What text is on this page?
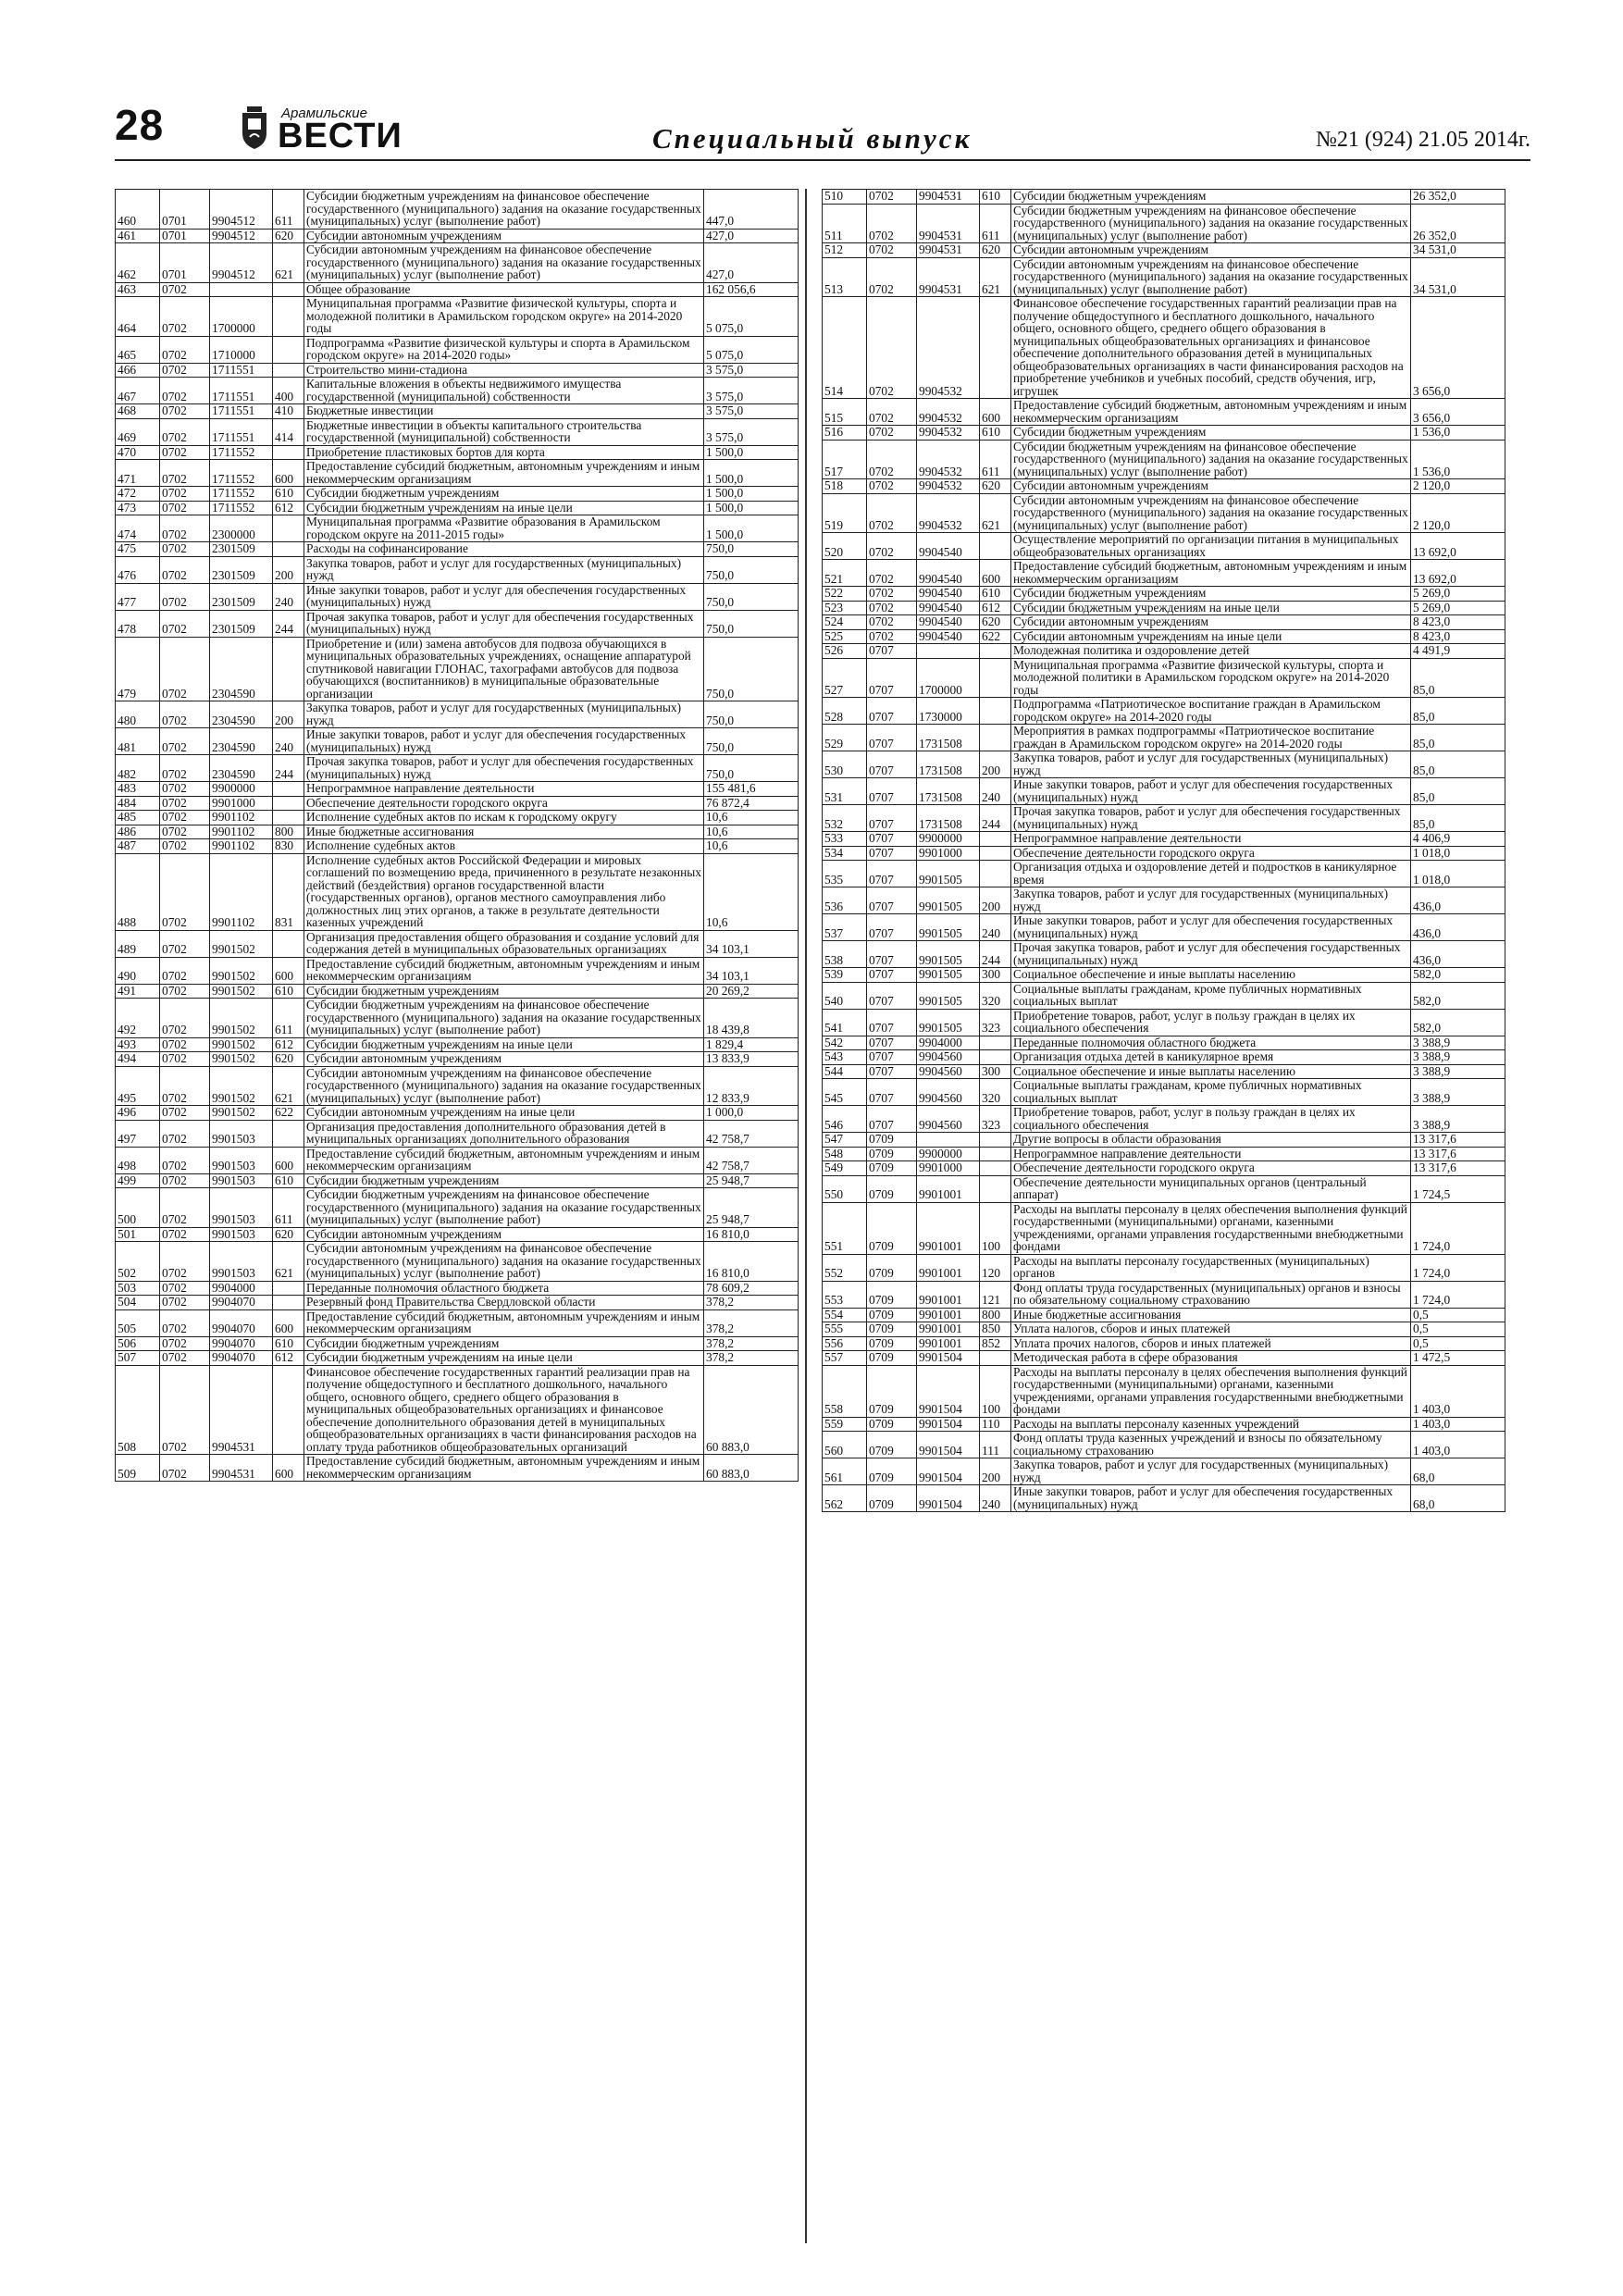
28	Арамильские
ВЕСТИ	Специальный выпуск	№21 (924) 21.05 2014г.
460	0701	9904512	611	Субсидии бюджетным учреждениям на финансовое обеспечение государственного (муниципального) задания на оказание государственных (муниципальных) услуг (выполнение работ)	447,0
461	0701	9904512	620	Субсидии автономным учреждениям	427,0
462	0701	9904512	621	Субсидии автономным учреждениям на финансовое обеспечение государственного (муниципального) задания на оказание государственных (муниципальных) услуг (выполнение работ)	427,0
463	0702			Общее образование	162 056,6
464	0702	1700000		Муниципальная программа «Развитие физической культуры, спорта и молодежной политики в Арамильском городском округе» на 2014-2020 годы	5 075,0
465	0702	1710000		Подпрограмма «Развитие физической культуры и спорта в Арамильском городском округе» на 2014-2020 годы»	5 075,0
466	0702	1711551		Строительство мини-стадиона	3 575,0
467	0702	1711551	400	Капитальные вложения в объекты недвижимого имущества государственной (муниципальной) собственности	3 575,0
468	0702	1711551	410	Бюджетные инвестиции	3 575,0
469	0702	1711551	414	Бюджетные инвестиции в объекты капитального строительства государственной (муниципальной) собственности	3 575,0
470	0702	1711552		Приобретение пластиковых бортов для корта	1 500,0
471	0702	1711552	600	Предоставление субсидий бюджетным, автономным учреждениям и иным некоммерческим организациям	1 500,0
472	0702	1711552	610	Субсидии бюджетным учреждениям	1 500,0
473	0702	1711552	612	Субсидии бюджетным учреждениям на иные цели	1 500,0
474	0702	2300000		Муниципальная программа «Развитие образования в Арамильском городском округе на 2011-2015 годы»	1 500,0
475	0702	2301509		Расходы на софинансирование	750,0
476	0702	2301509	200	Закупка товаров, работ и услуг для государственных (муниципальных) нужд	750,0
477	0702	2301509	240	Иные закупки товаров, работ и услуг для обеспечения государственных (муниципальных) нужд	750,0
478	0702	2301509	244	Прочая закупка товаров, работ и услуг для обеспечения государственных (муниципальных) нужд	750,0
479	0702	2304590		Приобретение и (или) замена автобусов для подвоза обучающихся в муниципальных образовательных учреждениях, оснащение аппаратурой спутниковой навигации ГЛОНАС, тахографами автобусов для подвоза обучающихся (воспитанников) в муниципальные образовательные организации	750,0
480	0702	2304590	200	Закупка товаров, работ и услуг для государственных (муниципальных) нужд	750,0
481	0702	2304590	240	Иные закупки товаров, работ и услуг для обеспечения государственных (муниципальных) нужд	750,0
482	0702	2304590	244	Прочая закупка товаров, работ и услуг для обеспечения государственных (муниципальных) нужд	750,0
483	0702	9900000		Непрограммное направление деятельности	155 481,6
484	0702	9901000		Обеспечение деятельности городского округа	76 872,4
485	0702	9901102		Исполнение судебных актов по искам к городскому округу	10,6
486	0702	9901102	800	Иные бюджетные ассигнования	10,6
487	0702	9901102	830	Исполнение судебных актов	10,6
488	0702	9901102	831	Исполнение судебных актов Российской Федерации и мировых соглашений по возмещению вреда, причиненного в результате незаконных действий (бездействия) органов государственной власти (государственных органов), органов местного самоуправления либо должностных лиц этих органов, а также в результате деятельности казенных учреждений	10,6
489	0702	9901502		Организация предоставления общего образования и создание условий для содержания детей в муниципальных образовательных организациях	34 103,1
490	0702	9901502	600	Предоставление субсидий бюджетным, автономным учреждениям и иным некоммерческим организациям	34 103,1
491	0702	9901502	610	Субсидии бюджетным учреждениям	20 269,2
492	0702	9901502	611	Субсидии бюджетным учреждениям на финансовое обеспечение государственного (муниципального) задания на оказание государственных (муниципальных) услуг (выполнение работ)	18 439,8
493	0702	9901502	612	Субсидии бюджетным учреждениям на иные цели	1 829,4
494	0702	9901502	620	Субсидии автономным учреждениям	13 833,9
495	0702	9901502	621	Субсидии автономным учреждениям на финансовое обеспечение государственного (муниципального) задания на оказание государственных (муниципальных) услуг (выполнение работ)	12 833,9
496	0702	9901502	622	Субсидии автономным учреждениям на иные цели	1 000,0
497	0702	9901503		Организация предоставления дополнительного образования детей в муниципальных организациях дополнительного образования	42 758,7
498	0702	9901503	600	Предоставление субсидий бюджетным, автономным учреждениям и иным некоммерческим организациям	42 758,7
499	0702	9901503	610	Субсидии бюджетным учреждениям	25 948,7
500	0702	9901503	611	Субсидии бюджетным учреждениям на финансовое обеспечение государственного (муниципального) задания на оказание государственных (муниципальных) услуг (выполнение работ)	25 948,7
501	0702	9901503	620	Субсидии автономным учреждениям	16 810,0
502	0702	9901503	621	Субсидии автономным учреждениям на финансовое обеспечение государственного (муниципального) задания на оказание государственных (муниципальных) услуг (выполнение работ)	16 810,0
503	0702	9904000		Переданные полномочия областного бюджета	78 609,2
504	0702	9904070		Резервный фонд Правительства Свердловской области	378,2
505	0702	9904070	600	Предоставление субсидий бюджетным, автономным учреждениям и иным некоммерческим организациям	378,2
506	0702	9904070	610	Субсидии бюджетным учреждениям	378,2
507	0702	9904070	612	Субсидии бюджетным учреждениям на иные цели	378,2
508	0702	9904531		Финансовое обеспечение государственных гарантий реализации прав на получение общедоступного и бесплатного дошкольного, начального общего, основного общего, среднего общего образования в муниципальных общеобразовательных организациях и финансовое обеспечение дополнительного образования детей в муниципальных общеобразовательных организациях в части финансирования расходов на оплату труда работников общеобразовательных организаций	60 883,0
509	0702	9904531	600	Предоставление субсидий бюджетным, автономным учреждениям и иным некоммерческим организациям	60 883,0
510	0702	9904531	610	Субсидии бюджетным учреждениям	26 352,0
511	0702	9904531	611	Субсидии бюджетным учреждениям на финансовое обеспечение государственного (муниципального) задания на оказание государственных (муниципальных) услуг (выполнение работ)	26 352,0
512	0702	9904531	620	Субсидии автономным учреждениям	34 531,0
513	0702	9904531	621	Субсидии автономным учреждениям на финансовое обеспечение государственного (муниципального) задания на оказание государственных (муниципальных) услуг (выполнение работ)	34 531,0
514	0702	9904532		Финансовое обеспечение государственных гарантий реализации прав на получение общедоступного и бесплатного дошкольного, начального общего, основного общего, среднего общего образования в муниципальных общеобразовательных организациях и финансовое обеспечение дополнительного образования детей в муниципальных общеобразовательных организациях в части финансирования расходов на приобретение учебников и учебных пособий, средств обучения, игр, игрушек	3 656,0
515	0702	9904532	600	Предоставление субсидий бюджетным, автономным учреждениям и иным некоммерческим организациям	3 656,0
516	0702	9904532	610	Субсидии бюджетным учреждениям	1 536,0
517	0702	9904532	611	Субсидии бюджетным учреждениям на финансовое обеспечение государственного (муниципального) задания на оказание государственных (муниципальных) услуг (выполнение работ)	1 536,0
518	0702	9904532	620	Субсидии автономным учреждениям	2 120,0
519	0702	9904532	621	Субсидии автономным учреждениям на финансовое обеспечение государственного (муниципального) задания на оказание государственных (муниципальных) услуг (выполнение работ)	2 120,0
520	0702	9904540		Осуществление мероприятий по организации питания в муниципальных общеобразовательных организациях	13 692,0
521	0702	9904540	600	Предоставление субсидий бюджетным, автономным учреждениям и иным некоммерческим организациям	13 692,0
522	0702	9904540	610	Субсидии бюджетным учреждениям	5 269,0
523	0702	9904540	612	Субсидии бюджетным учреждениям на иные цели	5 269,0
524	0702	9904540	620	Субсидии автономным учреждениям	8 423,0
525	0702	9904540	622	Субсидии автономным учреждениям на иные цели	8 423,0
526	0707			Молодежная политика и оздоровление детей	4 491,9
527	0707	1700000		Муниципальная программа «Развитие физической культуры, спорта и молодежной политики в Арамильском городском округе» на 2014-2020 годы	85,0
528	0707	1730000		Подпрограмма «Патриотическое воспитание граждан в Арамильском городском округе» на 2014-2020 годы	85,0
529	0707	1731508		Мероприятия в рамках подпрограммы «Патриотическое воспитание граждан в Арамильском городском округе» на 2014-2020 годы	85,0
530	0707	1731508	200	Закупка товаров, работ и услуг для государственных (муниципальных) нужд	85,0
531	0707	1731508	240	Иные закупки товаров, работ и услуг для обеспечения государственных (муниципальных) нужд	85,0
532	0707	1731508	244	Прочая закупка товаров, работ и услуг для обеспечения государственных (муниципальных) нужд	85,0
533	0707	9900000		Непрограммное направление деятельности	4 406,9
534	0707	9901000		Обеспечение деятельности городского округа	1 018,0
535	0707	9901505		Организация отдыха и оздоровление детей и подростков в каникулярное время	1 018,0
536	0707	9901505	200	Закупка товаров, работ и услуг для государственных (муниципальных) нужд	436,0
537	0707	9901505	240	Иные закупки товаров, работ и услуг для обеспечения государственных (муниципальных) нужд	436,0
538	0707	9901505	244	Прочая закупка товаров, работ и услуг для обеспечения государственных (муниципальных) нужд	436,0
539	0707	9901505	300	Социальное обеспечение и иные выплаты населению	582,0
540	0707	9901505	320	Социальные выплаты гражданам, кроме публичных нормативных социальных выплат	582,0
541	0707	9901505	323	Приобретение товаров, работ, услуг в пользу граждан в целях их социального обеспечения	582,0
542	0707	9904000		Переданные полномочия областного бюджета	3 388,9
543	0707	9904560		Организация отдыха детей в каникулярное время	3 388,9
544	0707	9904560	300	Социальное обеспечение и иные выплаты населению	3 388,9
545	0707	9904560	320	Социальные выплаты гражданам, кроме публичных нормативных социальных выплат	3 388,9
546	0707	9904560	323	Приобретение товаров, работ, услуг в пользу граждан в целях их социального обеспечения	3 388,9
547	0709			Другие вопросы в области образования	13 317,6
548	0709	9900000		Непрограммное направление деятельности	13 317,6
549	0709	9901000		Обеспечение деятельности городского округа	13 317,6
550	0709	9901001		Обеспечение деятельности муниципальных органов (центральный аппарат)	1 724,5
551	0709	9901001	100	Расходы на выплаты персоналу в целях обеспечения выполнения функций государственными (муниципальными) органами, казенными учреждениями, органами управления государственными внебюджетными фондами	1 724,0
552	0709	9901001	120	Расходы на выплаты персоналу государственных (муниципальных) органов	1 724,0
553	0709	9901001	121	Фонд оплаты труда государственных (муниципальных) органов и взносы по обязательному социальному страхованию	1 724,0
554	0709	9901001	800	Иные бюджетные ассигнования	0,5
555	0709	9901001	850	Уплата налогов, сборов и иных платежей	0,5
556	0709	9901001	852	Уплата прочих налогов, сборов и иных платежей	0,5
557	0709	9901504		Методическая работа в сфере образования	1 472,5
558	0709	9901504	100	Расходы на выплаты персоналу в целях обеспечения выполнения функций государственными (муниципальными) органами, казенными учреждениями, органами управления государственными внебюджетными фондами	1 403,0
559	0709	9901504	110	Расходы на выплаты персоналу казенных учреждений	1 403,0
560	0709	9901504	111	Фонд оплаты труда казенных учреждений и взносы по обязательному социальному страхованию	1 403,0
561	0709	9901504	200	Закупка товаров, работ и услуг для государственных (муниципальных) нужд	68,0
562	0709	9901504	240	Иные закупки товаров, работ и услуг для обеспечения государственных (муниципальных) нужд	68,0
